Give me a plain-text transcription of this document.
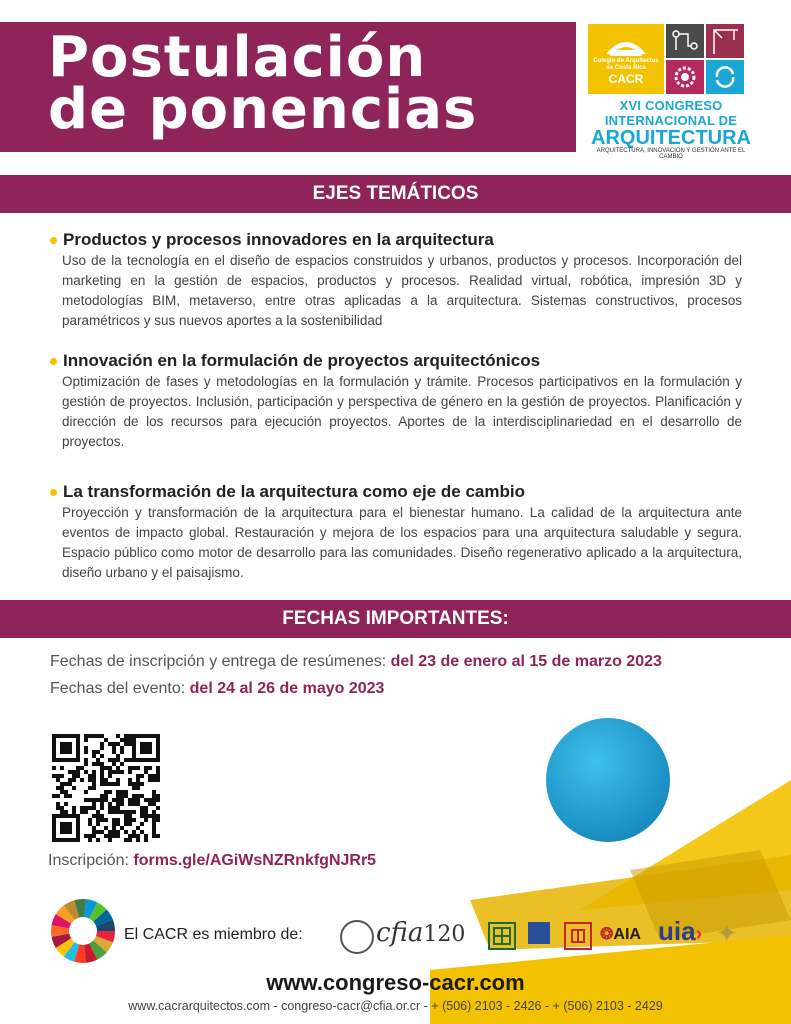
Postulación
de ponencias
Colegio de Arquitectos
de Costa Rica
CACR
XVI CONGRESO INTERNACIONAL DE
ARQUITECTURA
ARQUITECTURA, INNOVACIÓN Y GESTIÓN ANTE EL CAMBIO
EJES TEMÁTICOS
Productos y procesos innovadores en la arquitectura
Uso de la tecnología en el diseño de espacios construidos y urbanos, productos y procesos. Incorporación del marketing en la gestión de espacios, productos y procesos. Realidad virtual, robótica, impresión 3D y metodologías BIM, metaverso, entre otras aplicadas a la arquitectura. Sistemas constructivos, procesos paramétricos y sus nuevos aportes a la sostenibilidad
Innovación en la formulación de proyectos arquitectónicos
Optimización de fases y metodologías en la formulación y trámite. Procesos participativos en la formulación y gestión de proyectos. Inclusión, participación y perspectiva de género en la gestión de proyectos. Planificación y dirección de los recursos para ejecución proyectos. Aportes de la interdisciplinariedad en el desarrollo de proyectos.
La transformación de la arquitectura como eje de cambio
Proyección y transformación de la arquitectura para el bienestar humano. La calidad de la arquitectura ante eventos de impacto global. Restauración y mejora de los espacios para una arquitectura saludable y segura. Espacio público como motor de desarrollo para las comunidades. Diseño regenerativo aplicado a la arquitectura, diseño urbano y el paisajismo.
FECHAS IMPORTANTES:
Fechas de inscripción y entrega de resúmenes: del 23 de enero al 15 de marzo 2023
Fechas del evento: del 24 al 26 de mayo 2023
Inscripción: forms.gle/AGiWsNZRnkfgNJRr5
El CACR es miembro de:	cfia120	❂AIA uia› ✦
www.congreso-cacr.com
www.cacrarquitectos.com - congreso-cacr@cfia.or.cr - + (506) 2103 - 2426 - + (506) 2103 - 2429
